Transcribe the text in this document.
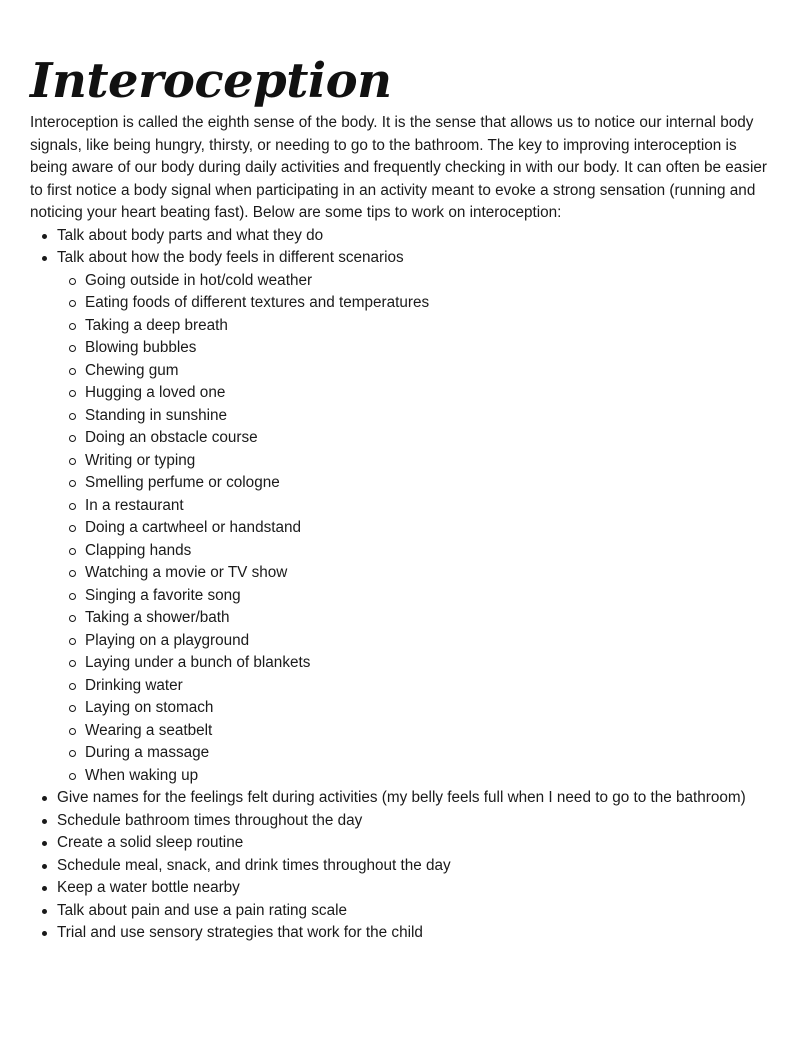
Interoception

Interoception is called the eighth sense of the body. It is the sense that allows us to notice our internal body signals, like being hungry, thirsty, or needing to go to the bathroom. The key to improving interoception is being aware of our body during daily activities and frequently checking in with our body. It can often be easier to first notice a body signal when participating in an activity meant to evoke a strong sensation (running and noticing your heart beating fast). Below are some tips to work on interoception:

Talk about body parts and what they do
Talk about how the body feels in different scenarios
Going outside in hot/cold weather
Eating foods of different textures and temperatures
Taking a deep breath
Blowing bubbles
Chewing gum
Hugging a loved one
Standing in sunshine
Doing an obstacle course
Writing or typing
Smelling perfume or cologne
In a restaurant
Doing a cartwheel or handstand
Clapping hands
Watching a movie or TV show
Singing a favorite song
Taking a shower/bath
Playing on a playground
Laying under a bunch of blankets
Drinking water
Laying on stomach
Wearing a seatbelt
During a massage
When waking up
Give names for the feelings felt during activities (my belly feels full when I need to go to the bathroom)
Schedule bathroom times throughout the day
Create a solid sleep routine
Schedule meal, snack, and drink times throughout the day
Keep a water bottle nearby
Talk about pain and use a pain rating scale
Trial and use sensory strategies that work for the child
